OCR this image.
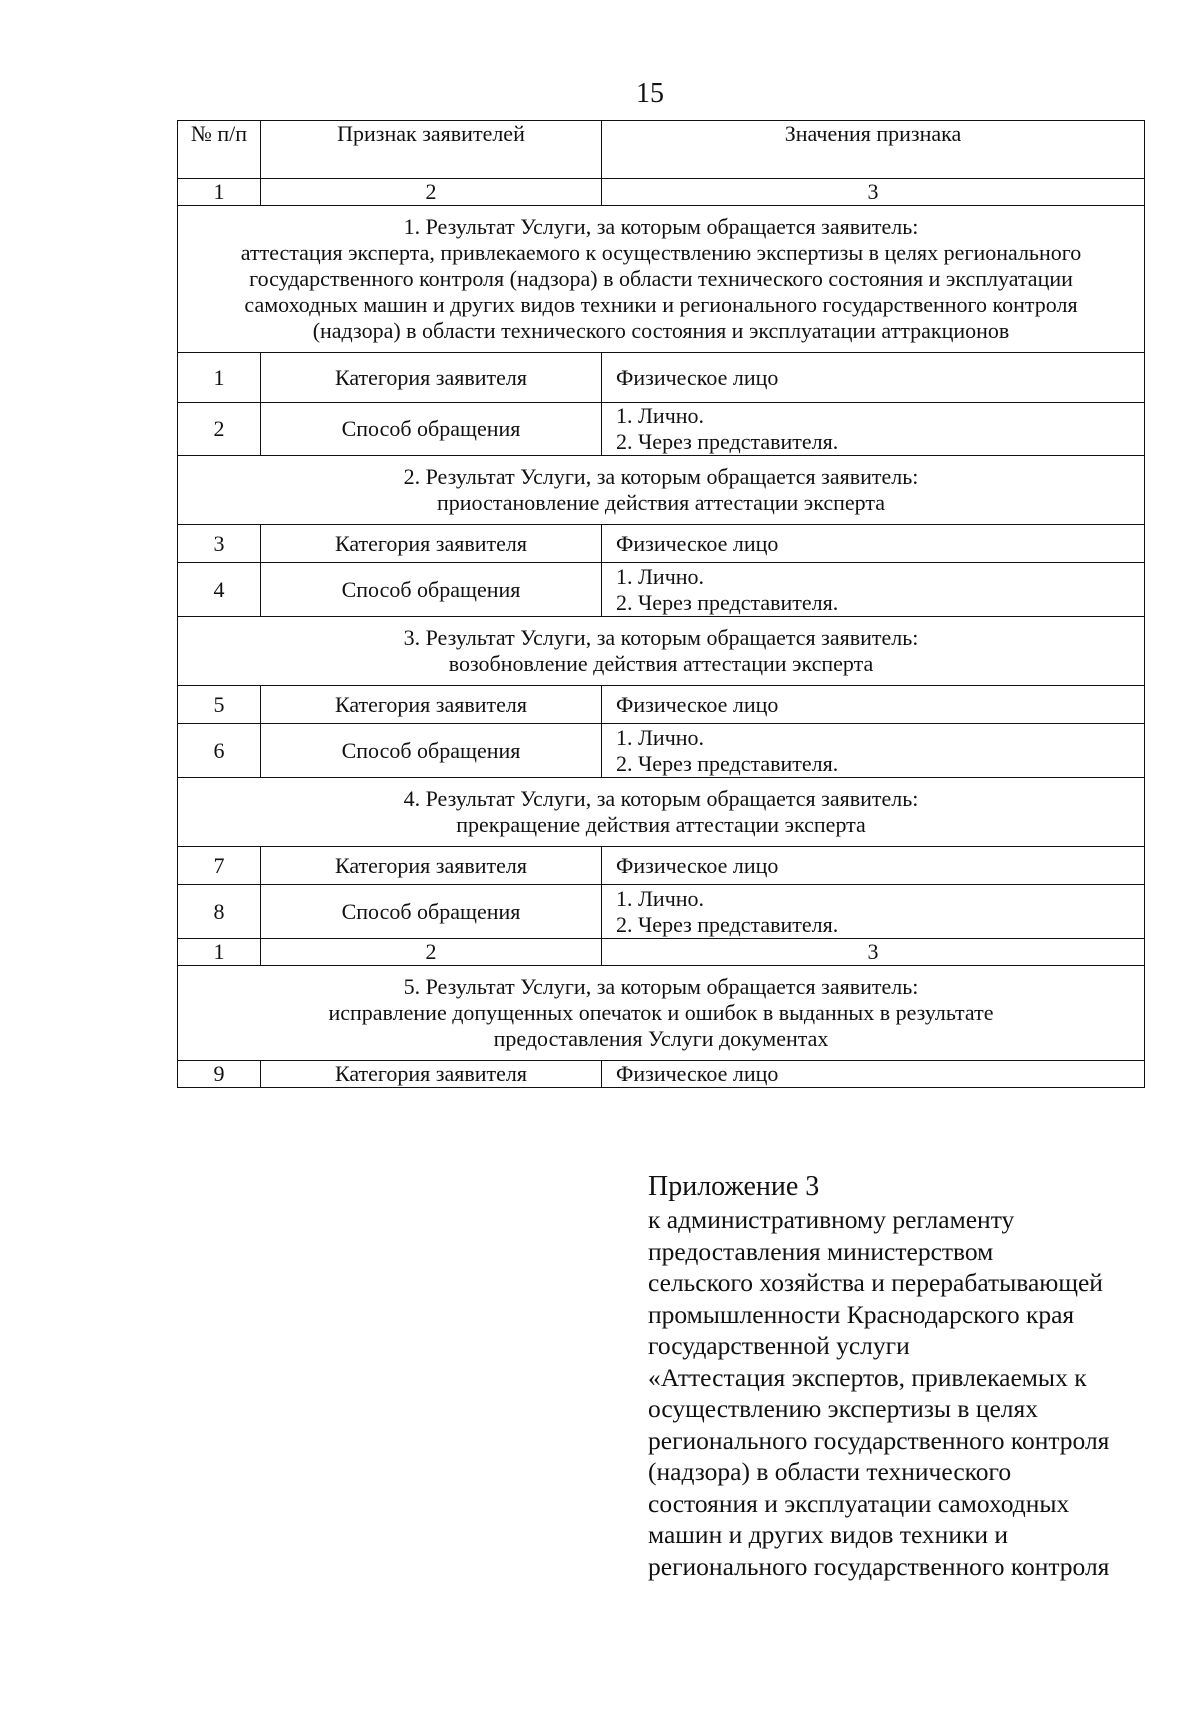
15
№ п/п	Признак заявителей	Значения признака
1	2	3

1. Результат Услуги, за которым обращается заявитель:
аттестация эксперта, привлекаемого к осуществлению экспертизы в целях регионального
государственного контроля (надзора) в области технического состояния и эксплуатации
самоходных машин и других видов техники и регионального государственного контроля
(надзора) в области технического состояния и эксплуатации аттракционов		

1	Категория заявителя	Физическое лицо
2	Способ обращения	1. Лично.
2. Через представителя.

2. Результат Услуги, за которым обращается заявитель:
приостановление действия аттестации эксперта		

3	Категория заявителя	Физическое лицо
4	Способ обращения	1. Лично.
2. Через представителя.

3. Результат Услуги, за которым обращается заявитель:
возобновление действия аттестации эксперта		

5	Категория заявителя	Физическое лицо
6	Способ обращения	1. Лично.
2. Через представителя.

4. Результат Услуги, за которым обращается заявитель:
прекращение действия аттестации эксперта		

7	Категория заявителя	Физическое лицо
8	Способ обращения	1. Лично.
2. Через представителя.

1	2	3

5. Результат Услуги, за которым обращается заявитель:
исправление допущенных опечаток и ошибок в выданных в результате
предоставления Услуги документах		

9	Категория заявителя	Физическое лицо
Приложение 3
к административному регламенту
предоставления министерством
сельского хозяйства и перерабатывающей
промышленности Краснодарского края
государственной услуги
«Аттестация экспертов, привлекаемых к
осуществлению экспертизы в целях
регионального государственного контроля
(надзора) в области технического
состояния и эксплуатации самоходных
машин и других видов техники и
регионального государственного контроля
